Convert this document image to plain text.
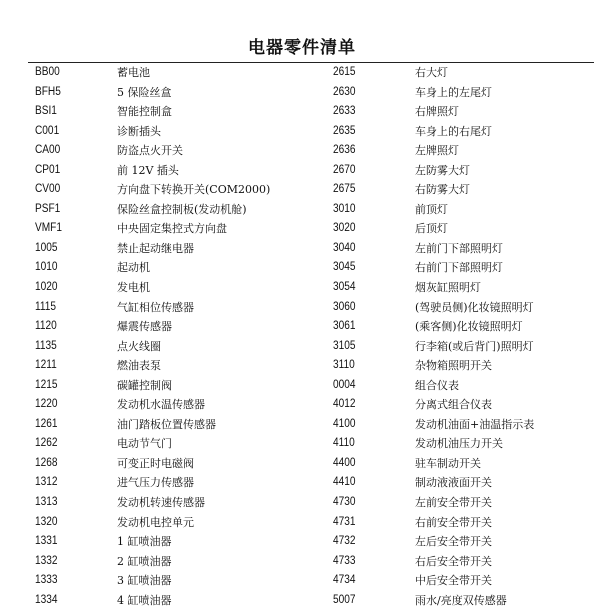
电器零件清单
BB00	蓄电池	2615	右大灯
BFH5	5 保险丝盒	2630	车身上的左尾灯
BSI1	智能控制盒	2633	右牌照灯
C001	诊断插头	2635	车身上的右尾灯
CA00	防盗点火开关	2636	左牌照灯
CP01	前 12V 插头	2670	左防雾大灯
CV00	方向盘下转换开关(COM2000)	2675	右防雾大灯
PSF1	保险丝盒控制板(发动机舱)	3010	前顶灯
VMF1	中央固定集控式方向盘	3020	后顶灯
1005	禁止起动继电器	3040	左前门下部照明灯
1010	起动机	3045	右前门下部照明灯
1020	发电机	3054	烟灰缸照明灯
1115	气缸相位传感器	3060	(驾驶员侧)化妆镜照明灯
1120	爆震传感器	3061	(乘客侧)化妆镜照明灯
1135	点火线圈	3105	行李箱(或后背门)照明灯
1211	燃油表泵	3110	杂物箱照明开关
1215	碳罐控制阀	0004	组合仪表
1220	发动机水温传感器	4012	分离式组合仪表
1261	油门踏板位置传感器	4100	发动机油面+油温指示表
1262	电动节气门	4110	发动机油压力开关
1268	可变正时电磁阀	4400	驻车制动开关
1312	进气压力传感器	4410	制动液液面开关
1313	发动机转速传感器	4730	左前安全带开关
1320	发动机电控单元	4731	右前安全带开关
1331	1 缸喷油器	4732	左后安全带开关
1332	2 缸喷油器	4733	右后安全带开关
1333	3 缸喷油器	4734	中后安全带开关
1334	4 缸喷油器	5007	雨水/亮度双传感器
